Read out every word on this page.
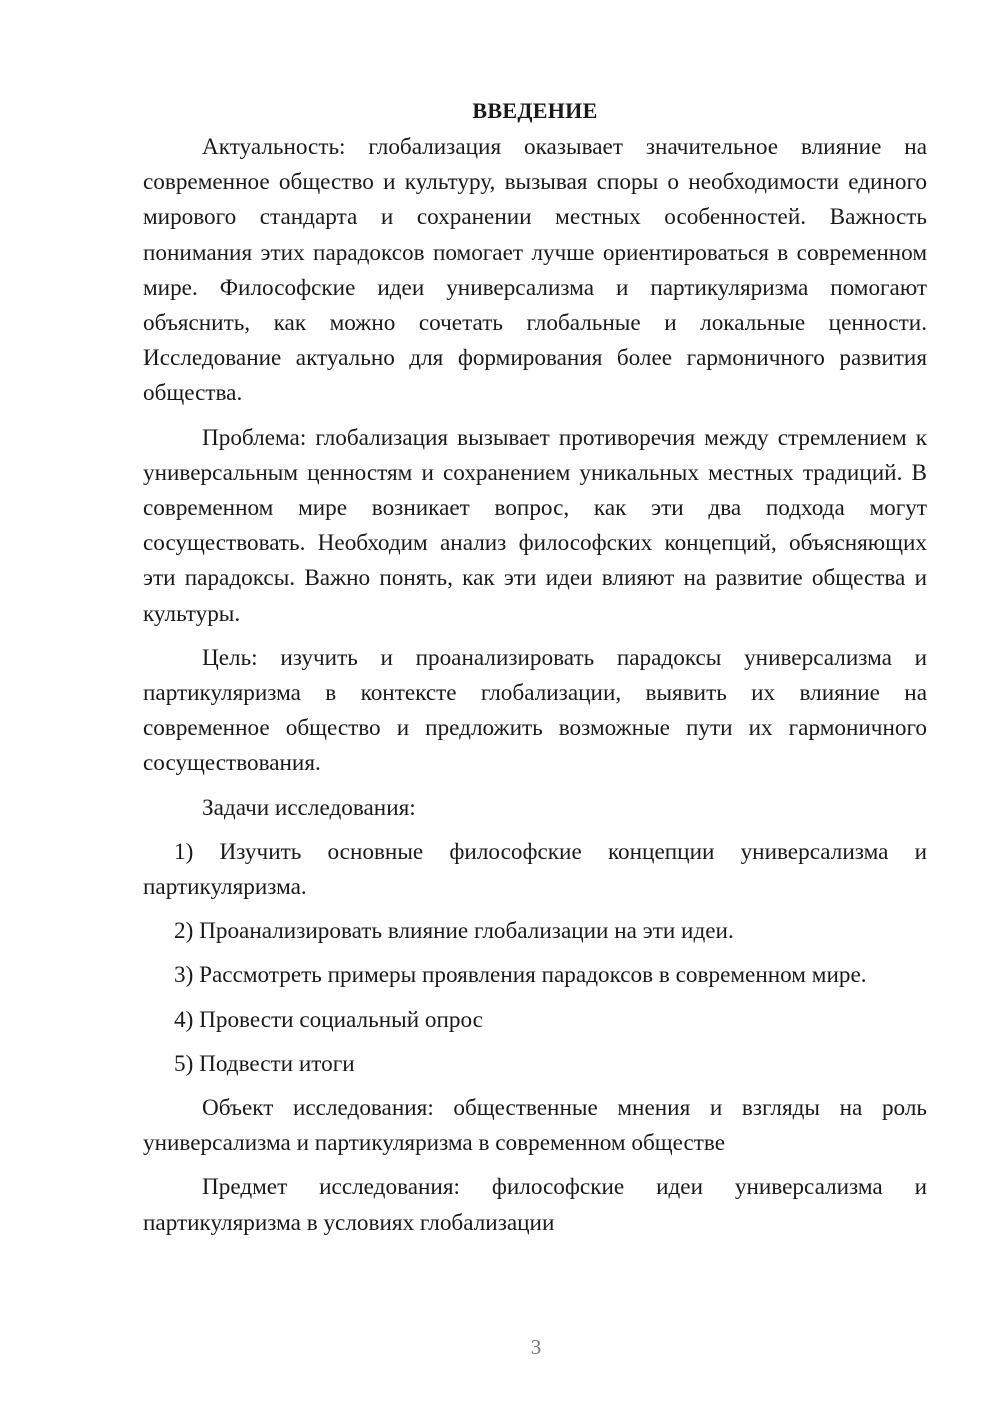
ВВЕДЕНИЕ

Актуальность: глобализация оказывает значительное влияние на современное общество и культуру, вызывая споры о необходимости единого мирового стандарта и сохранении местных особенностей. Важность понимания этих парадоксов помогает лучше ориентироваться в современном мире. Философские идеи универсализма и партикуляризма помогают объяснить, как можно сочетать глобальные и локальные ценности. Исследование актуально для формирования более гармоничного развития общества.

Проблема: глобализация вызывает противоречия между стремлением к универсальным ценностям и сохранением уникальных местных традиций. В современном мире возникает вопрос, как эти два подхода могут сосуществовать. Необходим анализ философских концепций, объясняющих эти парадоксы. Важно понять, как эти идеи влияют на развитие общества и культуры.

Цель: изучить и проанализировать парадоксы универсализма и партикуляризма в контексте глобализации, выявить их влияние на современное общество и предложить возможные пути их гармоничного сосуществования.

Задачи исследования:

1) Изучить основные философские концепции универсализма и партикуляризма.

2) Проанализировать влияние глобализации на эти идеи.

3) Рассмотреть примеры проявления парадоксов в современном мире.

4) Провести социальный опрос

5) Подвести итоги

Объект исследования: общественные мнения и взгляды на роль универсализма и партикуляризма в современном обществе

Предмет исследования: философские идеи универсализма и партикуляризма в условиях глобализации

3
